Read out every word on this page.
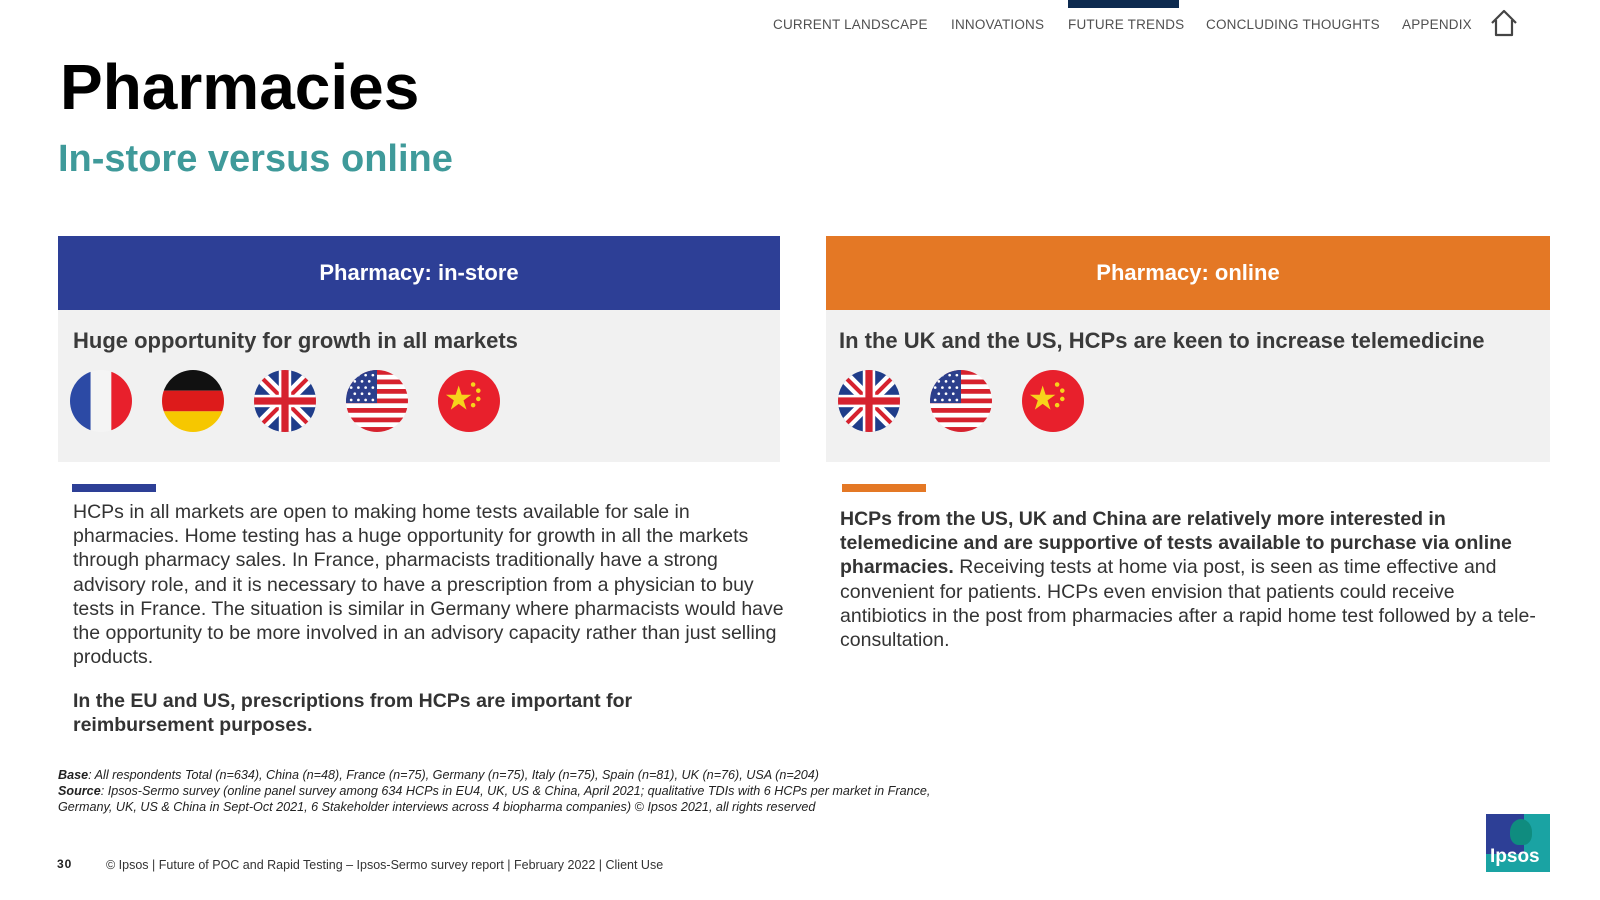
CURRENT LANDSCAPE INNOVATIONS FUTURE TRENDS CONCLUDING THOUGHTS APPENDIX
Pharmacies
In-store versus online
Pharmacy: in-store
Huge opportunity for growth in all markets

HCPs in all markets are open to making home tests available for sale in pharmacies. Home testing has a huge opportunity for growth in all the markets through pharmacy sales. In France, pharmacists traditionally have a strong advisory role, and it is necessary to have a prescription from a physician to buy tests in France. The situation is similar in Germany where pharmacists would have the opportunity to be more involved in an advisory capacity rather than just selling products.

In the EU and US, prescriptions from HCPs are important for reimbursement purposes.

Pharmacy: online
In the UK and the US, HCPs are keen to increase telemedicine

HCPs from the US, UK and China are relatively more interested in telemedicine and are supportive of tests available to purchase via online pharmacies. Receiving tests at home via post, is seen as time effective and convenient for patients. HCPs even envision that patients could receive antibiotics in the post from pharmacies after a rapid home test followed by a tele-consultation.

Base: All respondents Total (n=634), China (n=48), France (n=75), Germany (n=75), Italy (n=75), Spain (n=81), UK (n=76), USA (n=204)
Source: Ipsos-Sermo survey (online panel survey among 634 HCPs in EU4, UK, US & China, April 2021; qualitative TDIs with 6 HCPs per market in France, Germany, UK, US & China in Sept-Oct 2021, 6 Stakeholder interviews across 4 biopharma companies) © Ipsos 2021, all rights reserved
30	© Ipsos | Future of POC and Rapid Testing – Ipsos-Sermo survey report | February 2022 | Client Use	Ipsos
